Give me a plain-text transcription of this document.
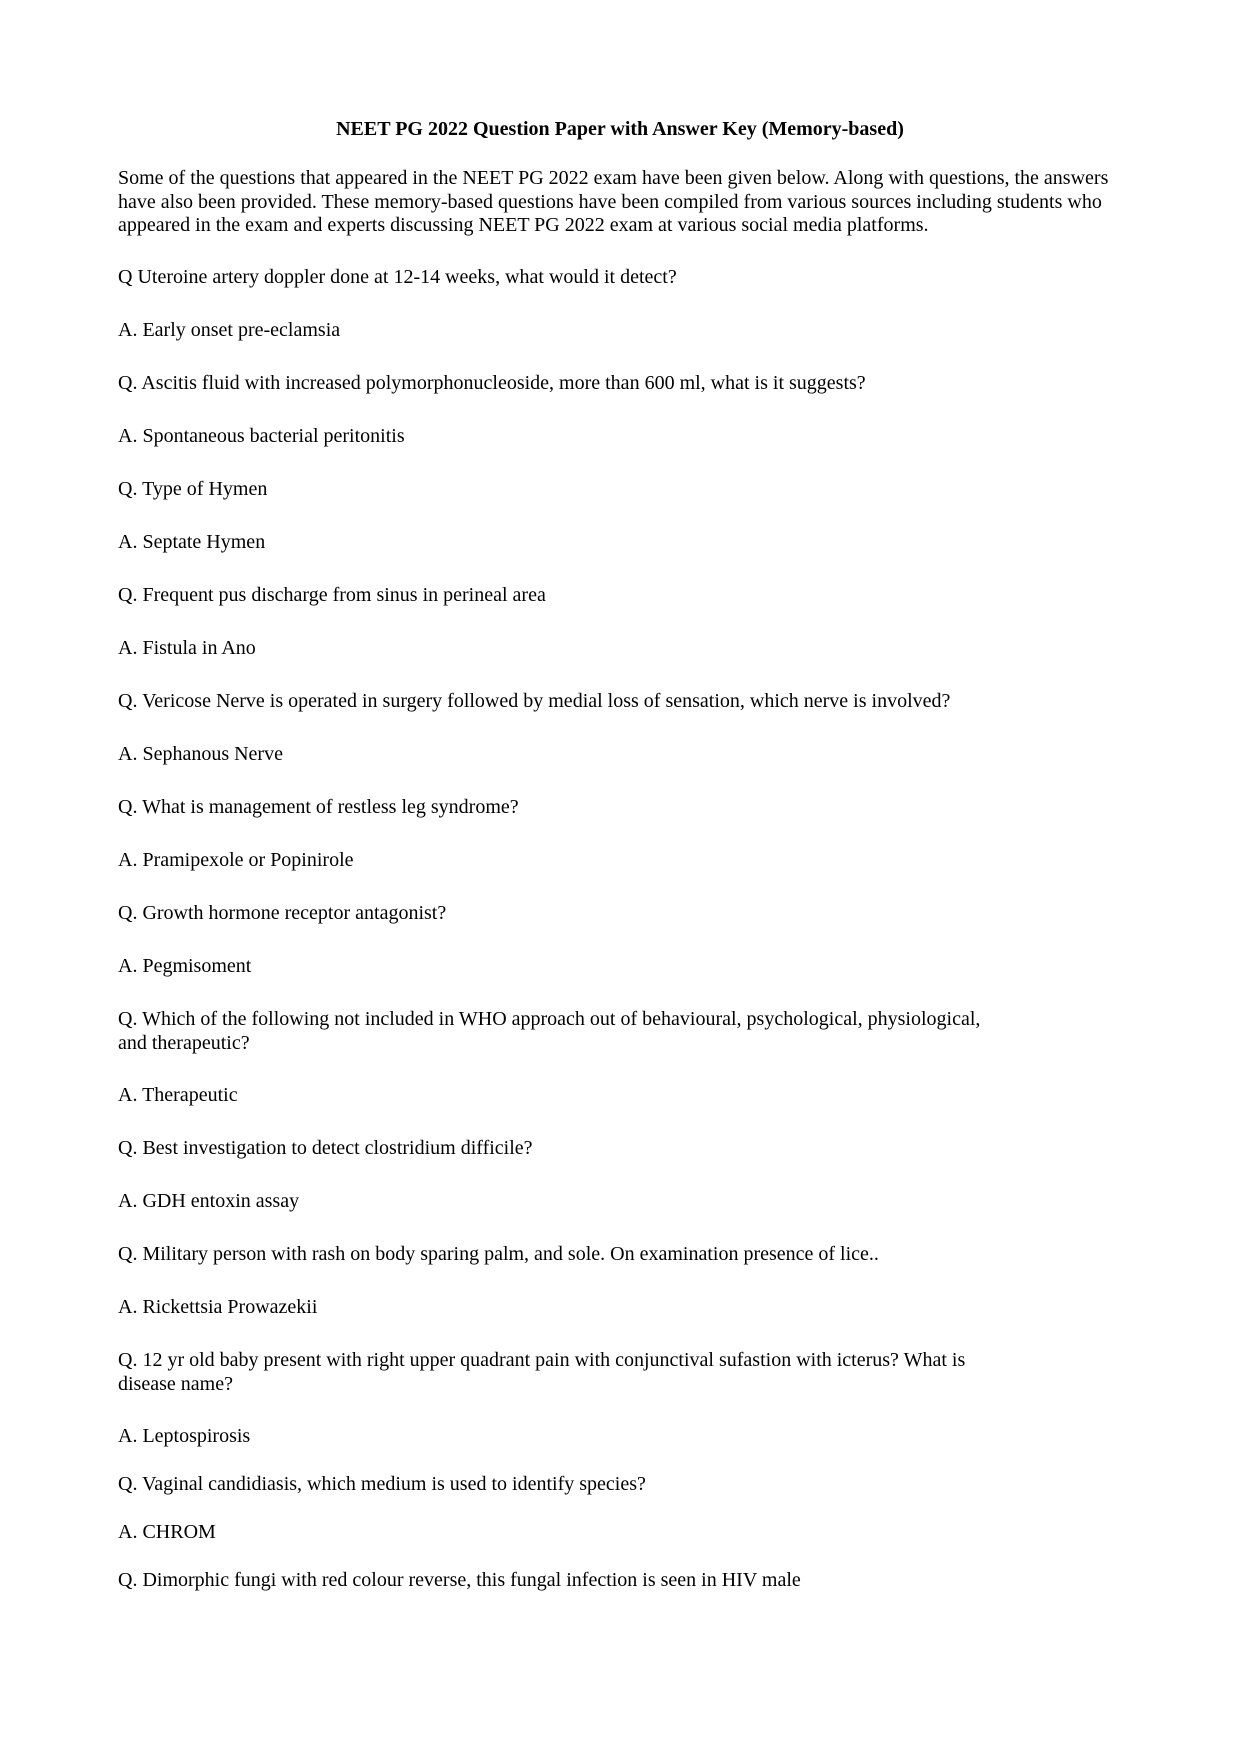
NEET PG 2022 Question Paper with Answer Key (Memory-based)
Some of the questions that appeared in the NEET PG 2022 exam have been given below. Along with questions, the answers have also been provided. These memory-based questions have been compiled from various sources including students who appeared in the exam and experts discussing NEET PG 2022 exam at various social media platforms.
Q Uteroine artery doppler done at 12-14 weeks, what would it detect?
A. Early onset pre-eclamsia
Q. Ascitis fluid with increased polymorphonucleoside, more than 600 ml, what is it suggests?
A. Spontaneous bacterial peritonitis
Q. Type of Hymen
A. Septate Hymen
Q. Frequent pus discharge from sinus in perineal area
A. Fistula in Ano
Q. Vericose Nerve is operated in surgery followed by medial loss of sensation, which nerve is involved?
A. Sephanous Nerve
Q. What is management of restless leg syndrome?
A. Pramipexole or Popinirole
Q. Growth hormone receptor antagonist?
A. Pegmisoment
Q. Which of the following not included in WHO approach out of behavioural, psychological, physiological, and therapeutic?
A. Therapeutic
Q. Best investigation to detect clostridium difficile?
A. GDH entoxin assay
Q. Military person with rash on body sparing palm, and sole. On examination presence of lice..
A. Rickettsia Prowazekii
Q. 12 yr old baby present with right upper quadrant pain with conjunctival sufastion with icterus? What is disease name?
A. Leptospirosis
Q. Vaginal candidiasis, which medium is used to identify species?
A. CHROM
Q. Dimorphic fungi with red colour reverse, this fungal infection is seen in HIV male
